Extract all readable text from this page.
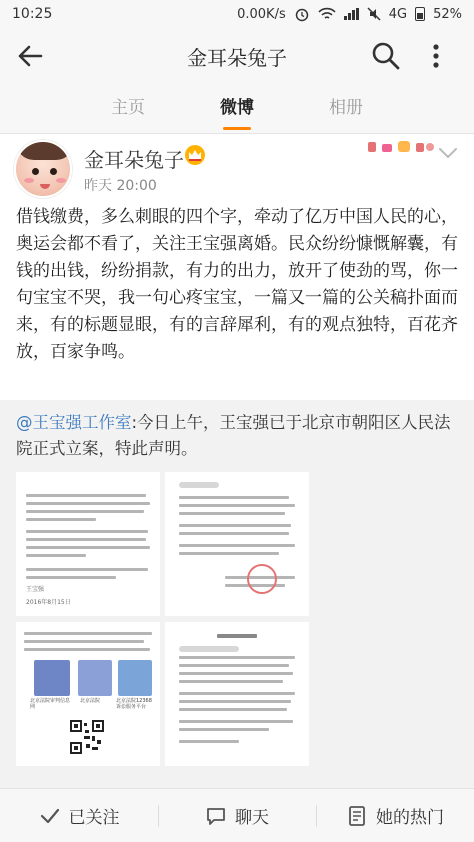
10:25	0.00K/s	4G 52%
金耳朵兔子
主页	微博	相册
金耳朵兔子
昨天 20:00
借钱缴费，多么刺眼的四个字，牵动了亿万中国人民的心，奥运会都不看了，关注王宝强离婚。民众纷纷慷慨解囊，有钱的出钱，纷纷捐款，有力的出力，放开了使劲的骂，你一句宝宝不哭，我一句心疼宝宝，一篇又一篇的公关稿扑面而来，有的标题显眼，有的言辞犀利，有的观点独特，百花齐放，百家争鸣。
@王宝强工作室:今日上午，王宝强已于北京市朝阳区人民法院正式立案，特此声明。
王宝强
2016年8月15日
北京法院审判信息网
北京法院	北京法院12368诉讼服务平台
已关注	聊天	她的热门
